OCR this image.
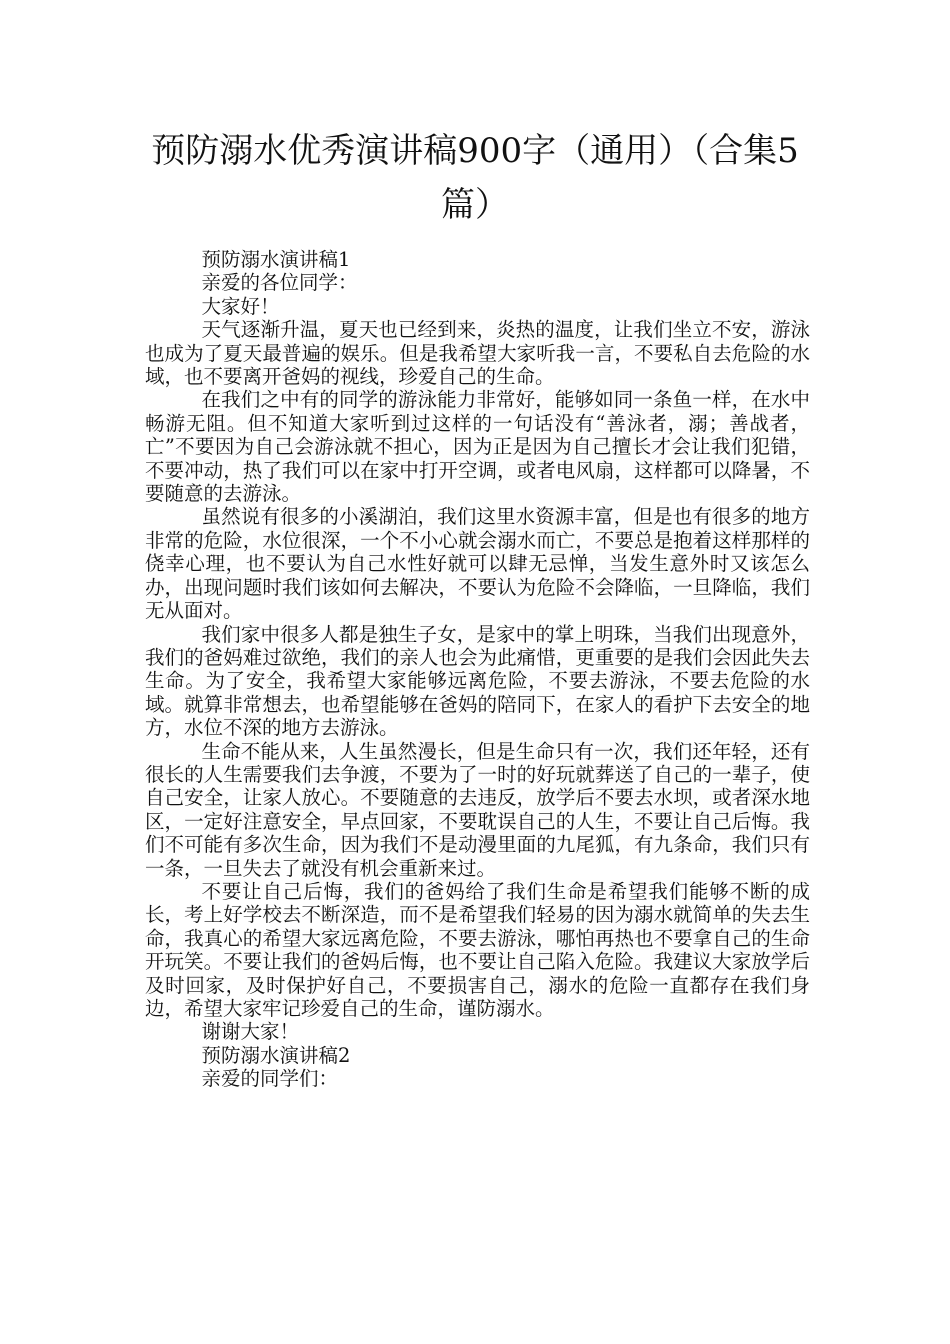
预防溺水优秀演讲稿900字（通用）（合集5篇）

预防溺水演讲稿1

亲爱的各位同学：

大家好！

天气逐渐升温，夏天也已经到来，炎热的温度，让我们坐立不安，游泳也成为了夏天最普遍的娱乐。但是我希望大家听我一言，不要私自去危险的水域，也不要离开爸妈的视线，珍爱自己的生命。

在我们之中有的同学的游泳能力非常好，能够如同一条鱼一样，在水中畅游无阻。但不知道大家听到过这样的一句话没有“善泳者，溺；善战者，亡”不要因为自己会游泳就不担心，因为正是因为自己擅长才会让我们犯错，不要冲动，热了我们可以在家中打开空调，或者电风扇，这样都可以降暑，不要随意的去游泳。

虽然说有很多的小溪湖泊，我们这里水资源丰富，但是也有很多的地方非常的危险，水位很深，一个不小心就会溺水而亡，不要总是抱着这样那样的侥幸心理，也不要认为自己水性好就可以肆无忌惮，当发生意外时又该怎么办，出现问题时我们该如何去解决，不要认为危险不会降临，一旦降临，我们无从面对。

我们家中很多人都是独生子女，是家中的掌上明珠，当我们出现意外，我们的爸妈难过欲绝，我们的亲人也会为此痛惜，更重要的是我们会因此失去生命。为了安全，我希望大家能够远离危险，不要去游泳，不要去危险的水域。就算非常想去，也希望能够在爸妈的陪同下，在家人的看护下去安全的地方，水位不深的地方去游泳。

生命不能从来，人生虽然漫长，但是生命只有一次，我们还年轻，还有很长的人生需要我们去争渡，不要为了一时的好玩就葬送了自己的一辈子，使自己安全，让家人放心。不要随意的去违反，放学后不要去水坝，或者深水地区，一定好注意安全，早点回家，不要耽误自己的人生，不要让自己后悔。我们不可能有多次生命，因为我们不是动漫里面的九尾狐，有九条命，我们只有一条，一旦失去了就没有机会重新来过。

不要让自己后悔，我们的爸妈给了我们生命是希望我们能够不断的成长，考上好学校去不断深造，而不是希望我们轻易的因为溺水就简单的失去生命，我真心的希望大家远离危险，不要去游泳，哪怕再热也不要拿自己的生命开玩笑。不要让我们的爸妈后悔，也不要让自己陷入危险。我建议大家放学后及时回家，及时保护好自己，不要损害自己，溺水的危险一直都存在我们身边，希望大家牢记珍爱自己的生命，谨防溺水。

谢谢大家！

预防溺水演讲稿2

亲爱的同学们：
